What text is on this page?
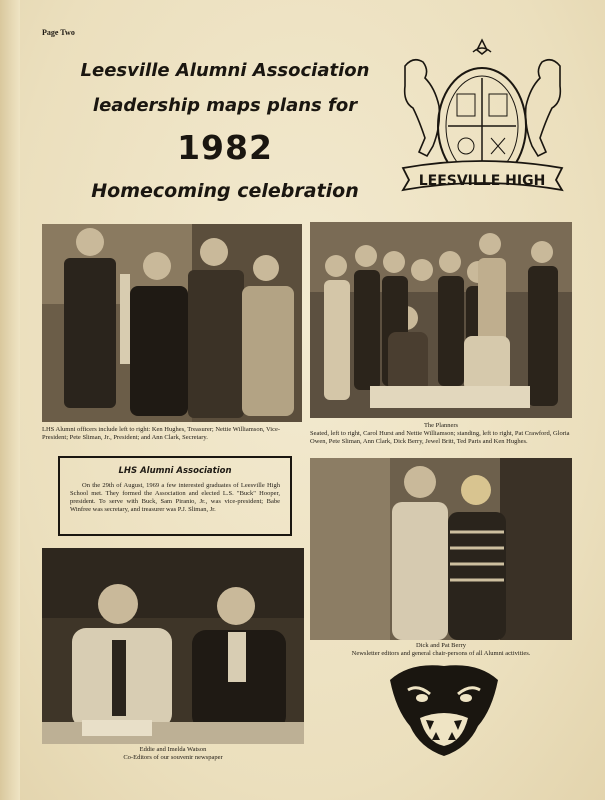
Page Two
Leesville Alumni Association
leadership maps plans for
1982
Homecoming celebration	LEESVILLE HIGH
LHS Alumni officers include left to right: Ken Hughes, Treasurer; Nettie Williamson, Vice-President; Pete Sliman, Jr., President; and Ann Clark, Secretary.
The Planners
Seated, left to right, Carol Hurst and Nettie Williamson; standing, left to right, Pat Crawford, Gloria Owen, Pete Sliman, Ann Clark, Dick Berry, Jewel Britt, Ted Paris and Ken Hughes.
Dick and Pat Berry
Newsletter editors and general chair-persons of all Alumni activities.
Eddie and Imelda Watson
Co-Editors of our souvenir newspaper
LHS Alumni Association
On the 29th of August, 1969 a few interested graduates of Leesville High School met. They formed the Association and elected L.S. "Buck" Hooper, president. To serve with Buck, Sam Piranio, Jr., was vice-president; Babe Winfree was secretary, and treasurer was P.J. Sliman, Jr.
